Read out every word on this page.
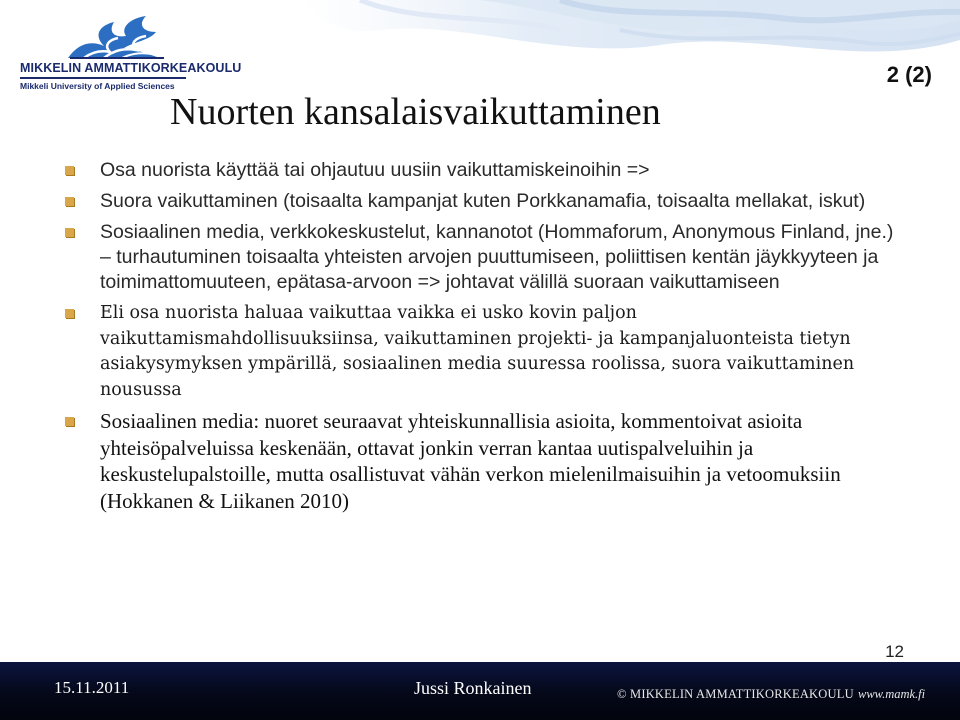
MIKKELIN AMMATTIKORKEAKOULU
Mikkeli University of Applied Sciences	2 (2)
Nuorten kansalaisvaikuttaminen
Osa nuorista käyttää tai ohjautuu uusiin vaikuttamiskeinoihin =>
Suora vaikuttaminen (toisaalta kampanjat kuten Porkkanamafia, toisaalta mellakat, iskut)
Sosiaalinen media, verkkokeskustelut, kannanotot (Hommaforum, Anonymous Finland, jne.) – turhautuminen toisaalta yhteisten arvojen puuttumiseen, poliittisen kentän jäykkyyteen ja toimimattomuuteen, epätasa-arvoon => johtavat välillä suoraan vaikuttamiseen
Eli osa nuorista haluaa vaikuttaa vaikka ei usko kovin paljon vaikuttamismahdollisuuksiinsa, vaikuttaminen projekti- ja kampanjaluonteista tietyn asiakysymyksen ympärillä, sosiaalinen media suuressa roolissa, suora vaikuttaminen nousussa
Sosiaalinen media: nuoret seuraavat yhteiskunnallisia asioita, kommentoivat asioita yhteisöpalveluissa keskenään, ottavat jonkin verran kantaa uutispalveluihin ja keskustelupalstoille, mutta osallistuvat vähän verkon mielenilmaisuihin ja vetoomuksiin (Hokkanen & Liikanen 2010)
12
15.11.2011	Jussi Ronkainen	© MIKKELIN AMMATTIKORKEAKOULU www.mamk.fi
